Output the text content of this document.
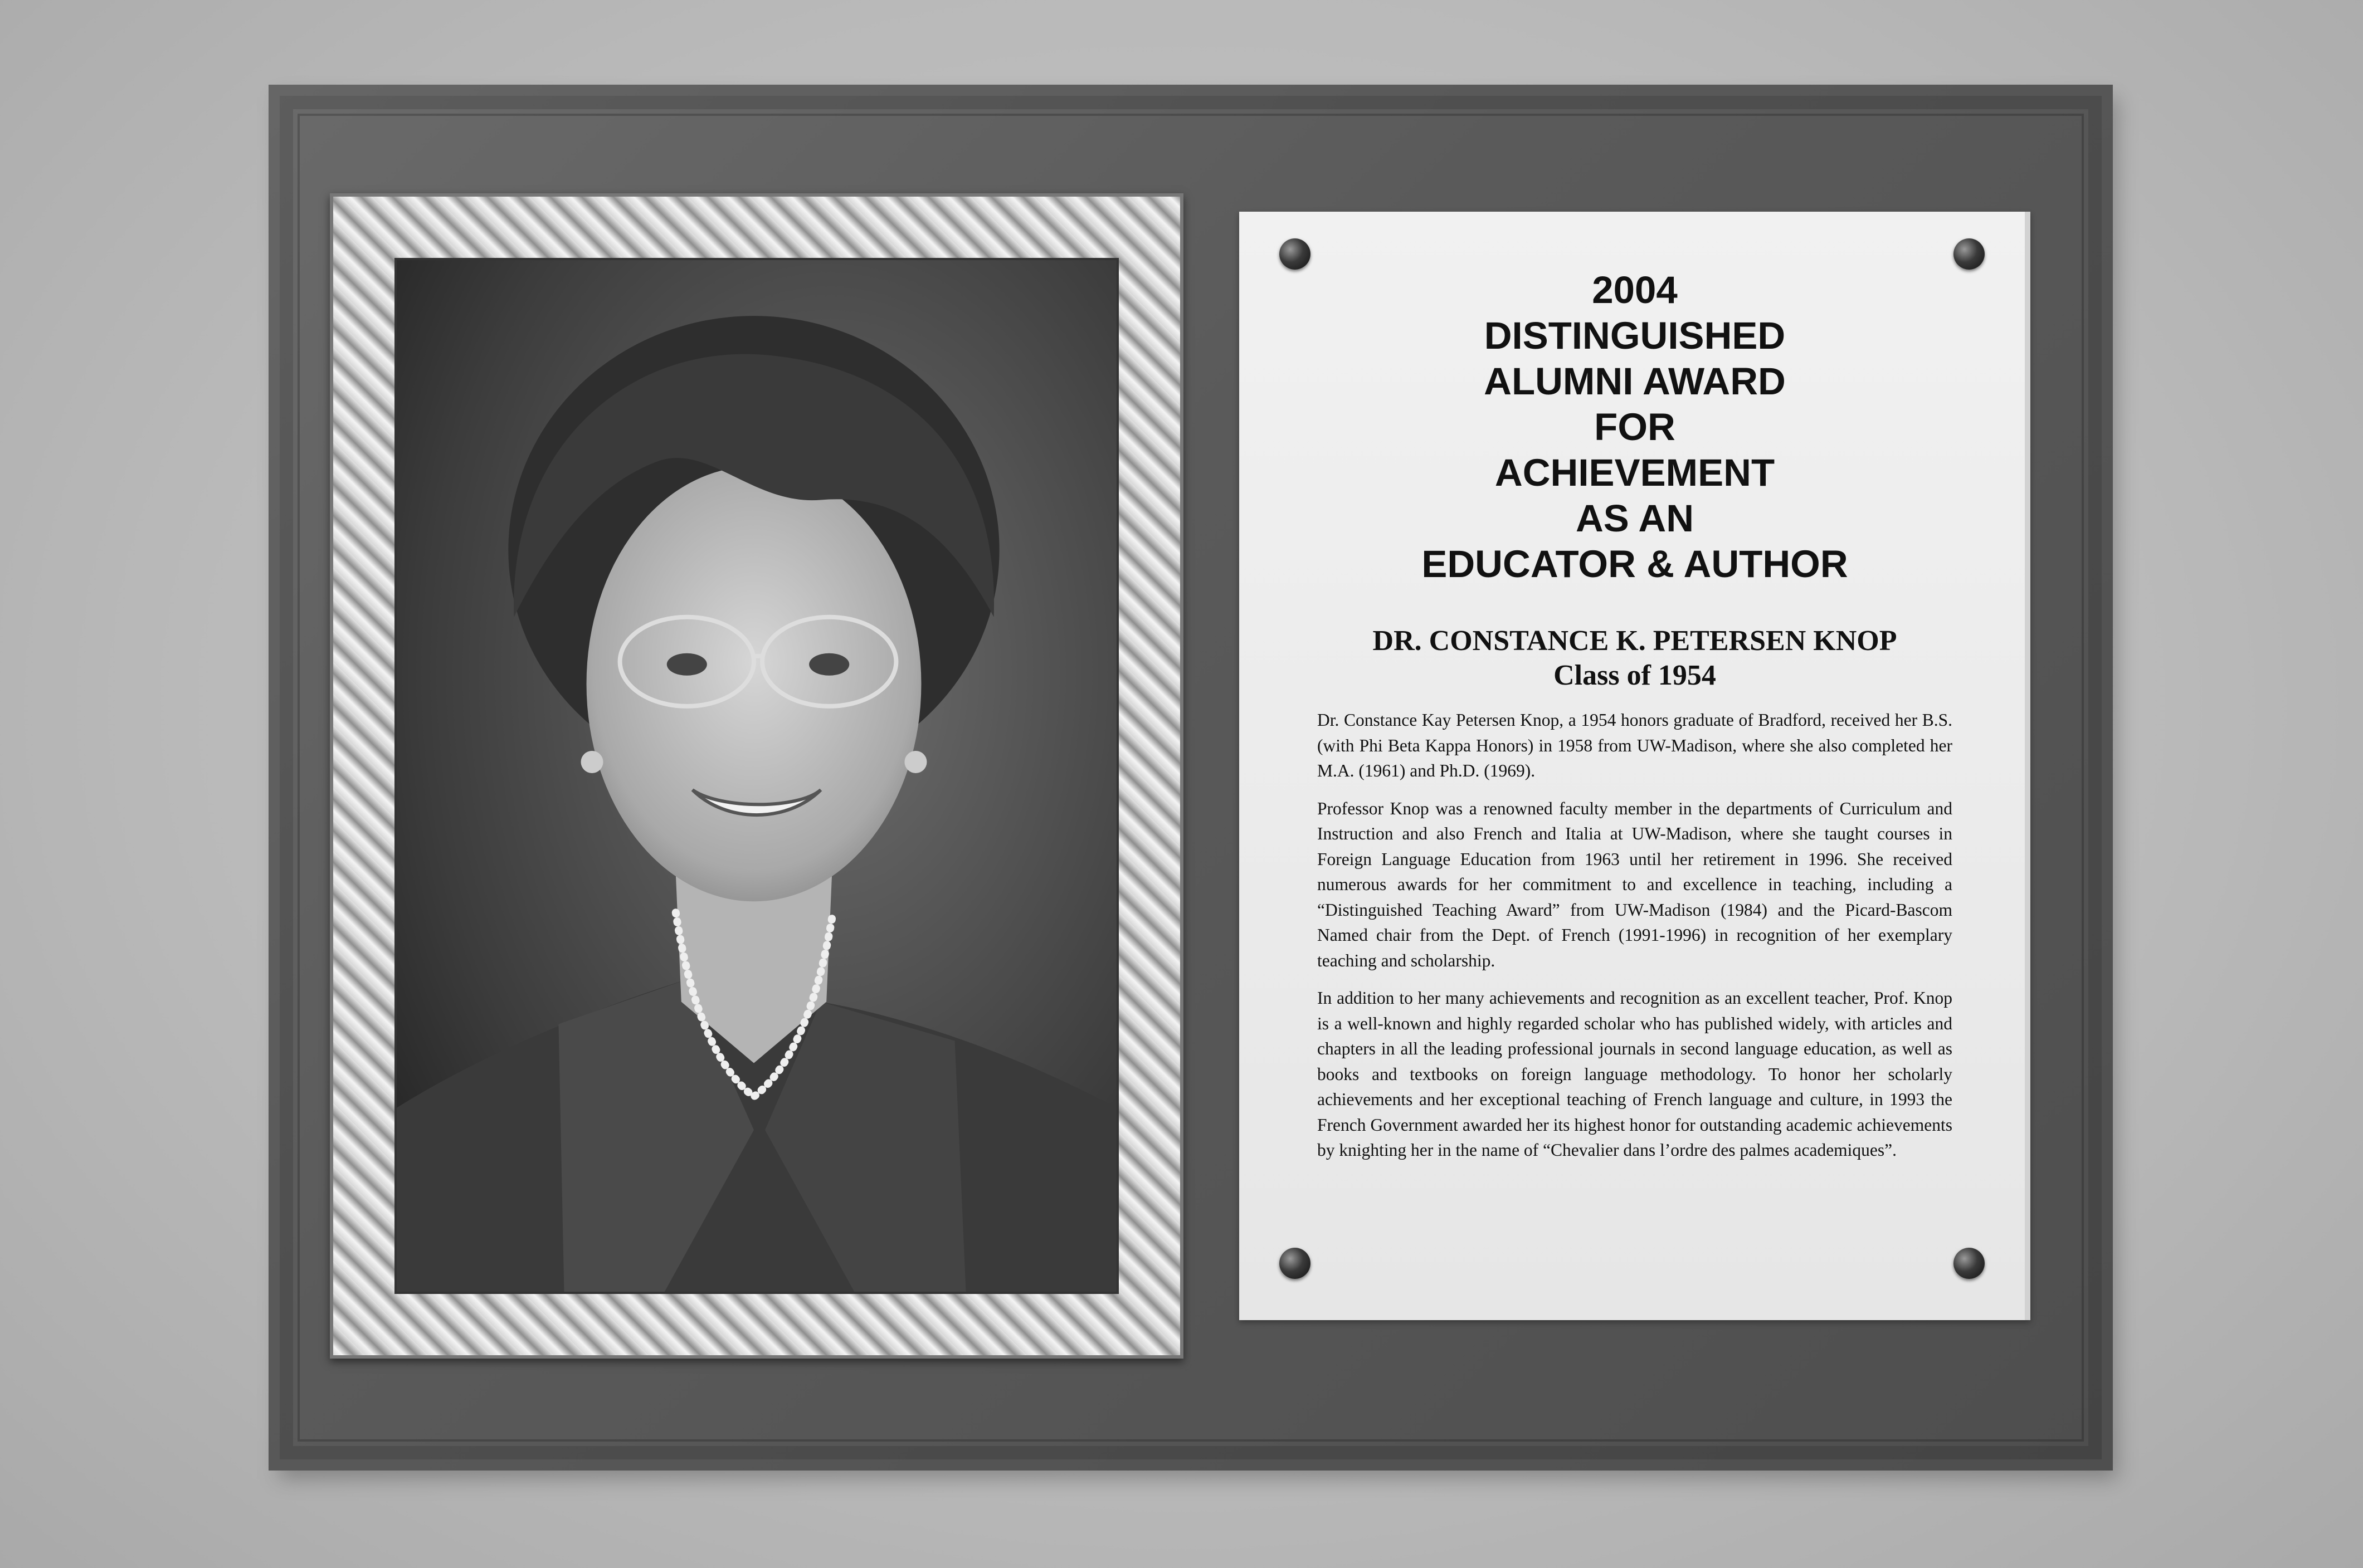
2004
DISTINGUISHED
ALUMNI AWARD
FOR
ACHIEVEMENT
AS AN
EDUCATOR & AUTHOR

DR. CONSTANCE K. PETERSEN KNOP

Class of 1954

Dr. Constance Kay Petersen Knop, a 1954 honors graduate of Bradford, received her B.S. (with Phi Beta Kappa Honors) in 1958 from UW-Madison, where she also completed her M.A. (1961) and Ph.D. (1969).

Professor Knop was a renowned faculty member in the departments of Curriculum and Instruction and also French and Italia at UW-Madison, where she taught courses in Foreign Language Education from 1963 until her retirement in 1996. She received numerous awards for her commitment to and excellence in teaching, including a “Distinguished Teaching Award” from UW-Madison (1984) and the Picard-Bascom Named chair from the Dept. of French (1991-1996) in recognition of her exemplary teaching and scholarship.

In addition to her many achievements and recognition as an excellent teacher, Prof. Knop is a well-known and highly regarded scholar who has published widely, with articles and chapters in all the leading professional journals in second language education, as well as books and textbooks on foreign language methodology. To honor her scholarly achievements and her exceptional teaching of French language and culture, in 1993 the French Government awarded her its highest honor for outstanding academic achievements by knighting her in the name of “Chevalier dans l’ordre des palmes academiques”.
